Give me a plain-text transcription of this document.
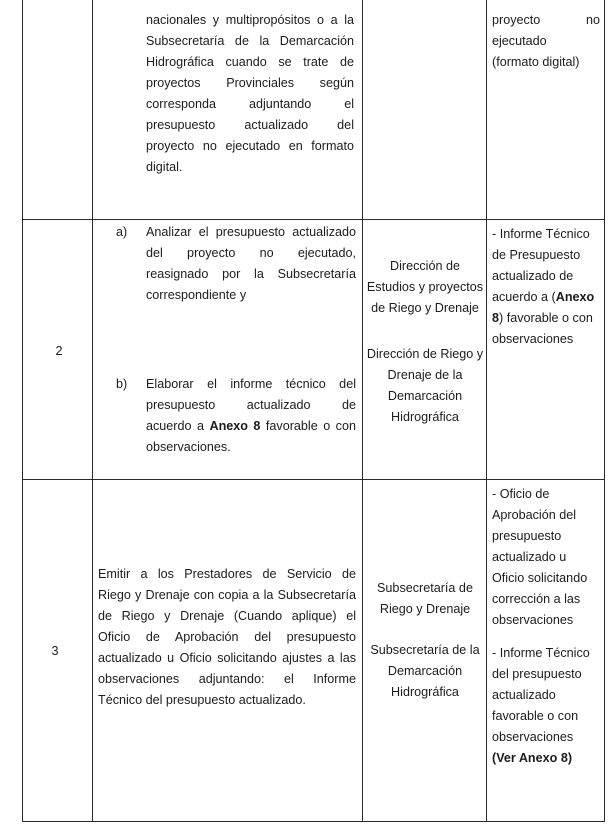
nacionales y multipropósitos o a la
Subsecretaría de la Demarcación
Hidrográfica cuando se trate de
proyectos Provinciales según
corresponda adjuntando el
presupuesto actualizado del
proyecto no ejecutado en formato
digital.
proyecto no
ejecutado
(formato digital)
2
a)	Analizar el presupuesto actualizado
del proyecto no ejecutado,
reasignado por la Subsecretaría
correspondiente y
b)	Elaborar el informe técnico del
presupuesto actualizado de
acuerdo a Anexo 8 favorable o con
observaciones.
Dirección de
Estudios y proyectos
de Riego y Drenaje
Dirección de Riego y
Drenaje de la
Demarcación
Hidrográfica
- Informe Técnico
de Presupuesto
actualizado de
acuerdo a (Anexo
8) favorable o con
observaciones
3
Emitir a los Prestadores de Servicio de
Riego y Drenaje con copia a la Subsecretaría
de Riego y Drenaje (Cuando aplique) el
Oficio de Aprobación del presupuesto
actualizado u Oficio solicitando ajustes a las
observaciones adjuntando: el Informe
Técnico del presupuesto actualizado.
Subsecretaría de
Riego y Drenaje
Subsecretaría de la
Demarcación
Hidrográfica
- Oficio de
Aprobación del
presupuesto
actualizado u
Oficio solicitando
corrección a las
observaciones
- Informe Técnico
del presupuesto
actualizado
favorable o con
observaciones
(Ver Anexo 8)
